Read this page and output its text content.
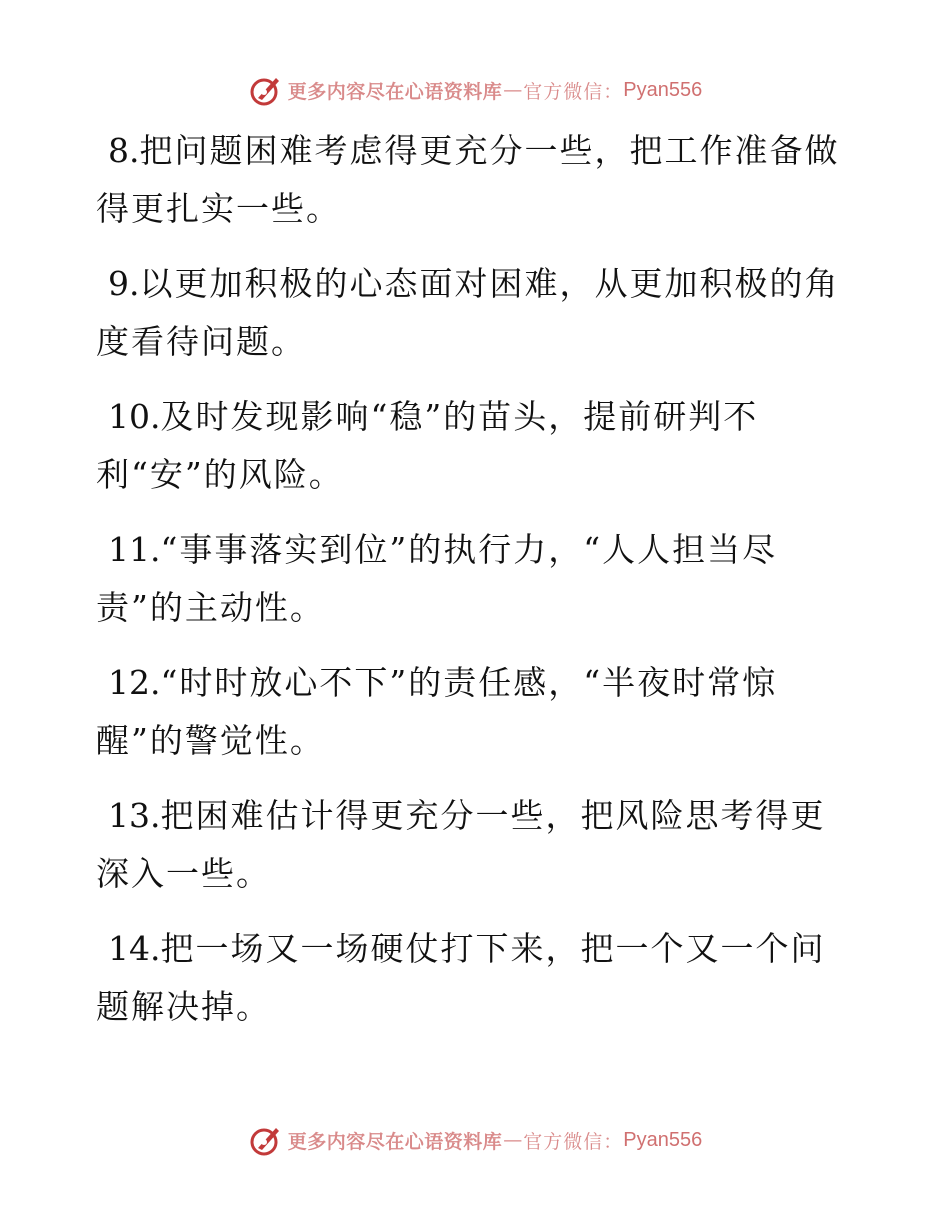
更多内容尽在心语资料库 — 官方微信： Pyan556

8.把问题困难考虑得更充分一些，把工作准备做得更扎实一些。

9.以更加积极的心态面对困难，从更加积极的角度看待问题。

10.及时发现影响“稳”的苗头，提前研判不利“安”的风险。

11.“事事落实到位”的执行力，“人人担当尽责”的主动性。

12.“时时放心不下”的责任感，“半夜时常惊醒”的警觉性。

13.把困难估计得更充分一些，把风险思考得更深入一些。

14.把一场又一场硬仗打下来，把一个又一个问题解决掉。

更多内容尽在心语资料库 — 官方微信： Pyan556
